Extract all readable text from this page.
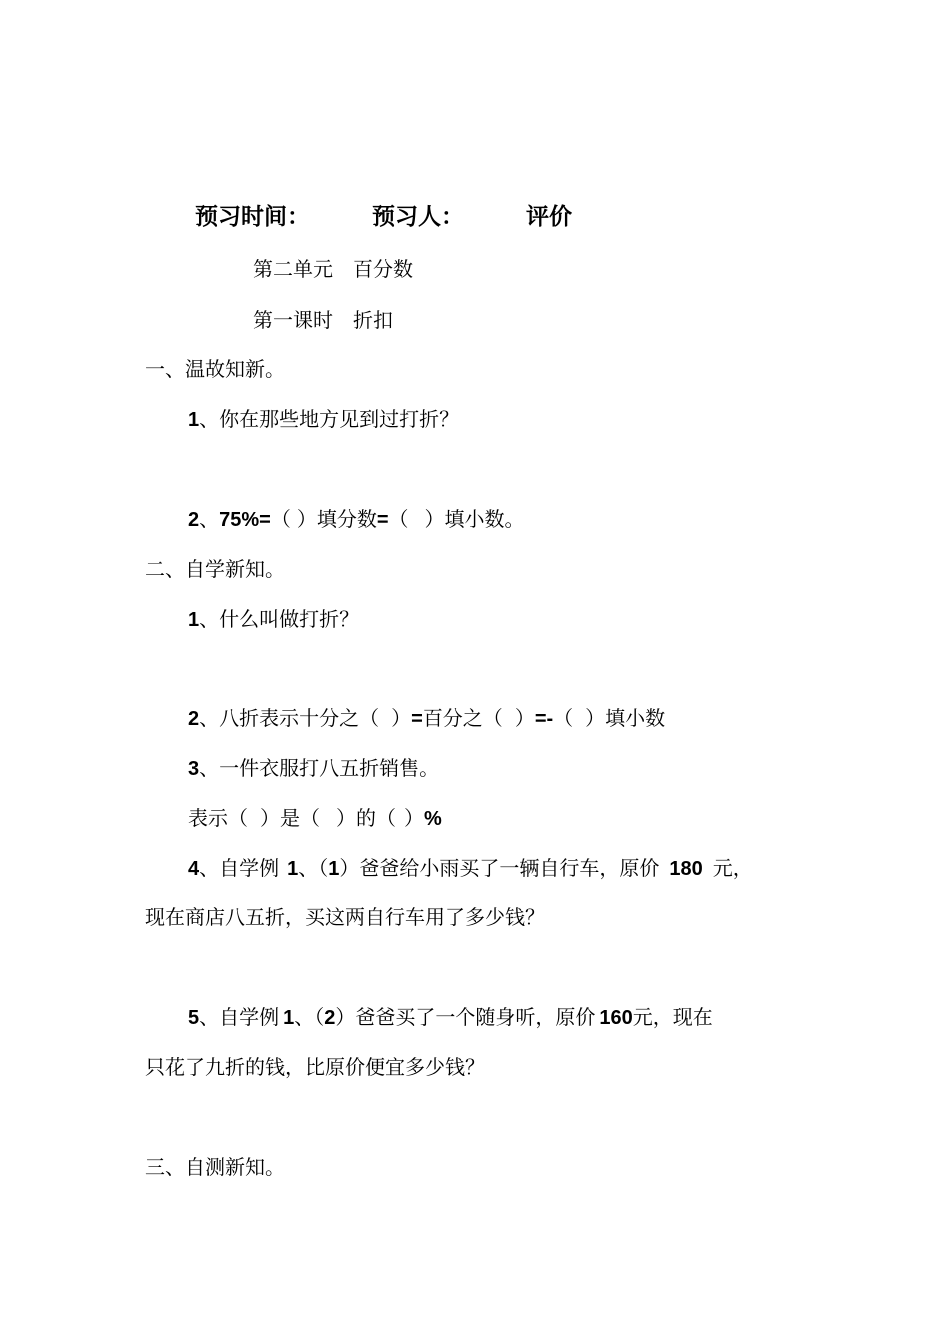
预习时间：	预习人：	评价
第二单元 百分数
第一课时 折扣
一、温故知新。
1、你在那些地方见到过打折？
2、75%=（ ）填分数=（ ）填小数。
二、自学新知。
1、什么叫做打折？
2、八折表示十分之（ ）=百分之（ ）=-（ ）填小数
3、一件衣服打八五折销售。
表示（ ）是（ ）的（ ）%
4、自学例 1、（1）爸爸给小雨买了一辆自行车，原价 180 元，
现在商店八五折，买这两自行车用了多少钱？
5、自学例 1、（2）爸爸买了一个随身听，原价 160元，现在
只花了九折的钱，比原价便宜多少钱？
三、自测新知。
